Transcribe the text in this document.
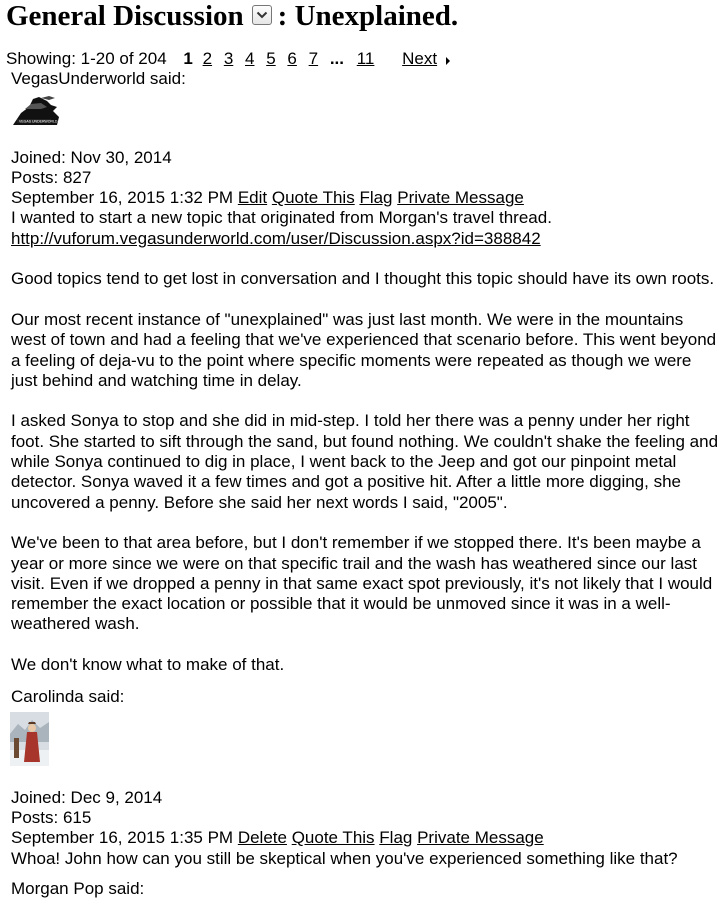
General Discussion : Unexplained.
Showing: 1-20 of 204 1 2 3 4 5 6 7 ... 11 Next
VegasUnderworld said:
VEGAS UNDERWORLD
Joined: Nov 30, 2014
Posts: 827
September 16, 2015 1:32 PM Edit Quote This Flag Private Message

I wanted to start a new topic that originated from Morgan's travel thread.

http://vuforum.vegasunderworld.com/user/Discussion.aspx?id=388842

Good topics tend to get lost in conversation and I thought this topic should have its own roots.

Our most recent instance of "unexplained" was just last month. We were in the mountains west of town and had a feeling that we've experienced that scenario before. This went beyond a feeling of deja-vu to the point where specific moments were repeated as though we were just behind and watching time in delay.

I asked Sonya to stop and she did in mid-step. I told her there was a penny under her right foot. She started to sift through the sand, but found nothing. We couldn't shake the feeling and while Sonya continued to dig in place, I went back to the Jeep and got our pinpoint metal detector. Sonya waved it a few times and got a positive hit. After a little more digging, she uncovered a penny. Before she said her next words I said, "2005".

We've been to that area before, but I don't remember if we stopped there. It's been maybe a year or more since we were on that specific trail and the wash has weathered since our last visit. Even if we dropped a penny in that same exact spot previously, it's not likely that I would remember the exact location or possible that it would be unmoved since it was in a well-weathered wash.

We don't know what to make of that.

Carolinda said:
Joined: Dec 9, 2014
Posts: 615
September 16, 2015 1:35 PM Delete Quote This Flag Private Message

Whoa! John how can you still be skeptical when you've experienced something like that?

Morgan Pop said:
